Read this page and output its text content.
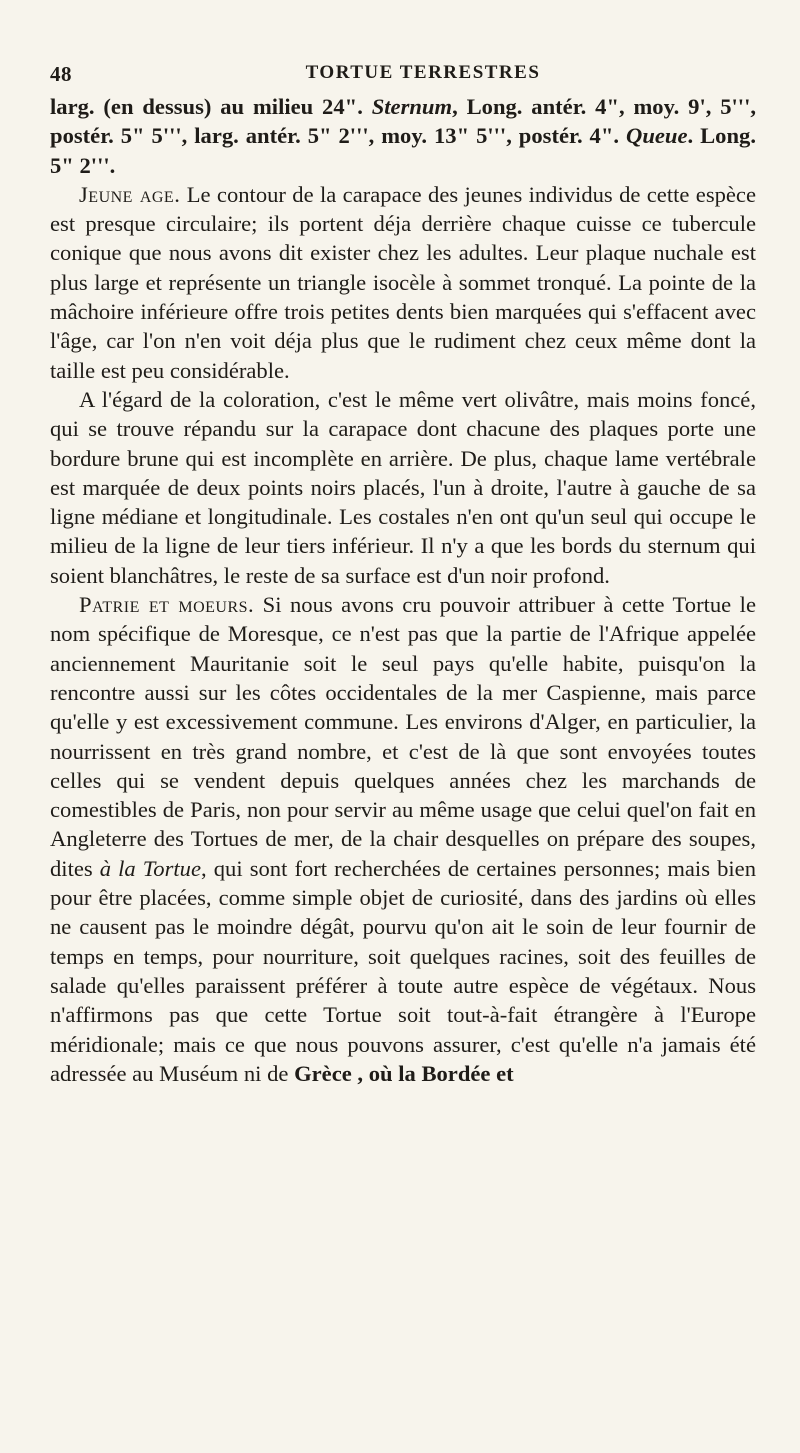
48	TORTUE TERRESTRES

larg. (en dessus) au milieu 24". Sternum, Long. antér. 4", moy. 9', 5''', postér. 5" 5''', larg. antér. 5" 2''', moy. 13" 5''', postér. 4". Queue. Long. 5" 2'''.

Jeune age. Le contour de la carapace des jeunes individus de cette espèce est presque circulaire; ils portent déja derrière chaque cuisse ce tubercule conique que nous avons dit exister chez les adultes. Leur plaque nuchale est plus large et représente un triangle isocèle à sommet tronqué. La pointe de la mâchoire inférieure offre trois petites dents bien marquées qui s'effacent avec l'âge, car l'on n'en voit déja plus que le rudiment chez ceux même dont la taille est peu considérable.

A l'égard de la coloration, c'est le même vert olivâtre, mais moins foncé, qui se trouve répandu sur la carapace dont chacune des plaques porte une bordure brune qui est incomplète en arrière. De plus, chaque lame vertébrale est marquée de deux points noirs placés, l'un à droite, l'autre à gauche de sa ligne médiane et longitudinale. Les costales n'en ont qu'un seul qui occupe le milieu de la ligne de leur tiers inférieur. Il n'y a que les bords du sternum qui soient blanchâtres, le reste de sa surface est d'un noir profond.

Patrie et moeurs. Si nous avons cru pouvoir attribuer à cette Tortue le nom spécifique de Moresque, ce n'est pas que la partie de l'Afrique appelée anciennement Mauritanie soit le seul pays qu'elle habite, puisqu'on la rencontre aussi sur les côtes occidentales de la mer Caspienne, mais parce qu'elle y est excessivement commune. Les environs d'Alger, en particulier, la nourrissent en très grand nombre, et c'est de là que sont envoyées toutes celles qui se vendent depuis quelques années chez les marchands de comestibles de Paris, non pour servir au même usage que celui quel'on fait en Angleterre des Tortues de mer, de la chair desquelles on prépare des soupes, dites à la Tortue, qui sont fort recherchées de certaines personnes; mais bien pour être placées, comme simple objet de curiosité, dans des jardins où elles ne causent pas le moindre dégât, pourvu qu'on ait le soin de leur fournir de temps en temps, pour nourriture, soit quelques racines, soit des feuilles de salade qu'elles paraissent préférer à toute autre espèce de végétaux. Nous n'affirmons pas que cette Tortue soit tout-à-fait étrangère à l'Europe méridionale; mais ce que nous pouvons assurer, c'est qu'elle n'a jamais été adressée au Muséum ni de Grèce , où la Bordée et
